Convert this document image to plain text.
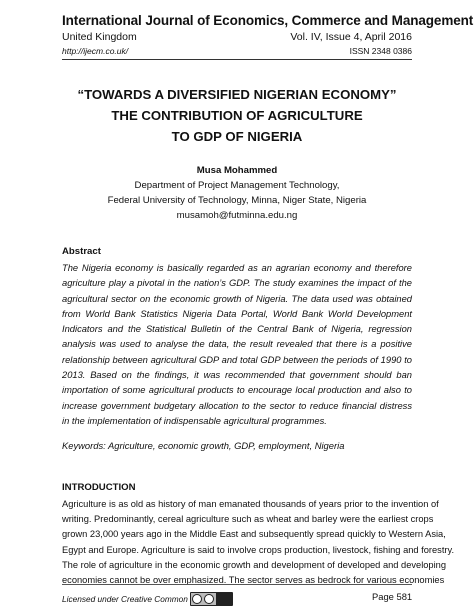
International Journal of Economics, Commerce and Management
United Kingdom	Vol. IV, Issue 4, April 2016
http://ijecm.co.uk/	ISSN 2348 0386
“TOWARDS A DIVERSIFIED NIGERIAN ECONOMY”
THE CONTRIBUTION OF AGRICULTURE
TO GDP OF NIGERIA
Musa Mohammed
Department of Project Management Technology,
Federal University of Technology, Minna, Niger State, Nigeria
musamoh@futminna.edu.ng
Abstract
The Nigeria economy is basically regarded as an agrarian economy and therefore agriculture play a pivotal in the nation’s GDP. The study examines the impact of the agricultural sector on the economic growth of Nigeria. The data used was obtained from World Bank Statistics Nigeria Data Portal, World Bank World Development Indicators and the Statistical Bulletin of the Central Bank of Nigeria, regression analysis was used to analyse the data, the result revealed that there is a positive relationship between agricultural GDP and total GDP between the periods of 1990 to 2013. Based on the findings, it was recommended that government should ban importation of some agricultural products to encourage local production and also to increase government budgetary allocation to the sector to reduce financial distress in the implementation of indispensable agricultural programmes.
Keywords: Agriculture, economic growth, GDP, employment, Nigeria
INTRODUCTION
Agriculture is as old as history of man emanated thousands of years prior to the invention of
writing. Predominantly, cereal agriculture such as wheat and barley were the earliest crops
grown 23,000 years ago in the Middle East and subsequently spread quickly to Western Asia,
Egypt and Europe. Agriculture is said to involve crops production, livestock, fishing and forestry.
The role of agriculture in the economic growth and development of developed and developing
economies cannot be over emphasized. The sector serves as bedrock for various economies
Licensed under Creative Common	Page 581
